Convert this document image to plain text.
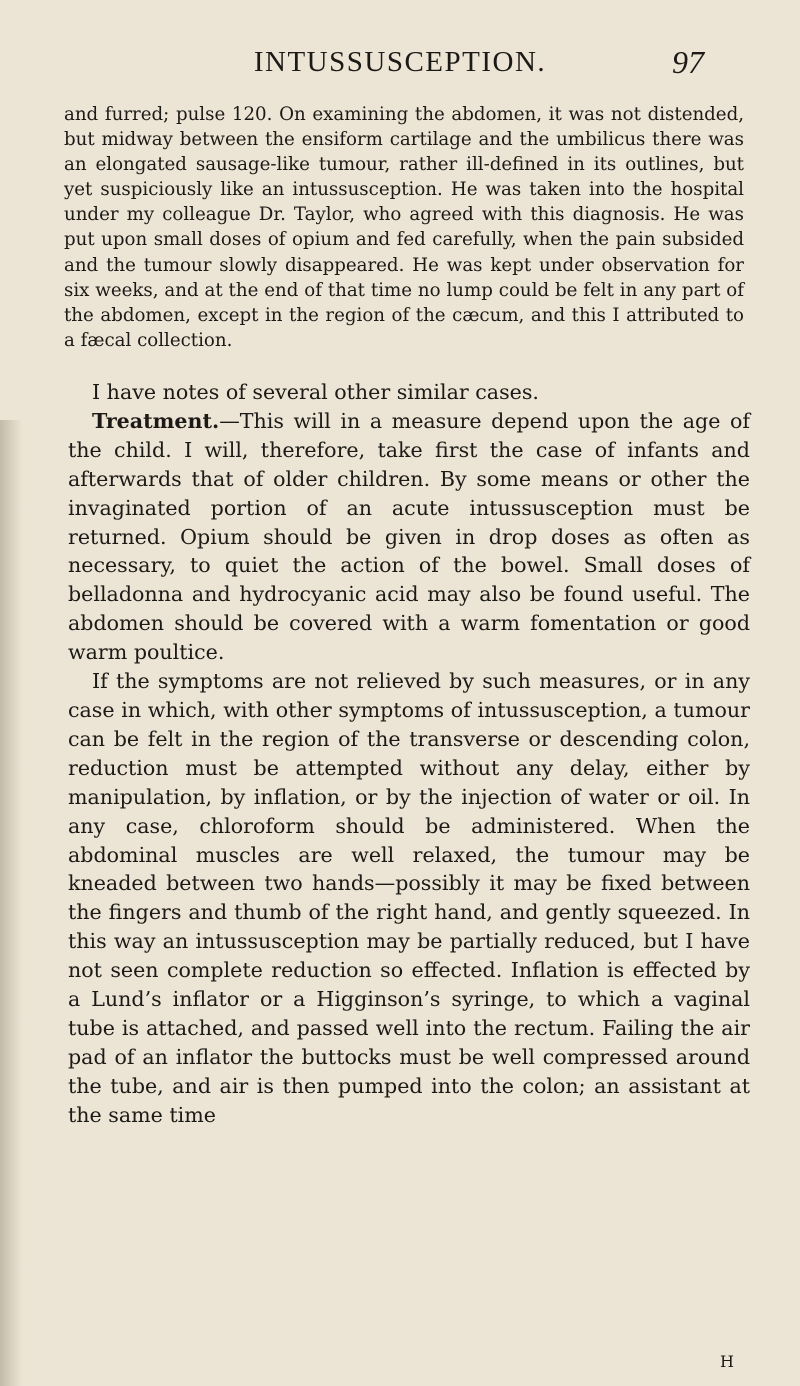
INTUSSUSCEPTION.	97

and furred; pulse 120. On examining the abdomen, it was not distended, but midway between the ensiform cartilage and the umbilicus there was an elongated sausage-like tumour, rather ill-defined in its outlines, but yet suspiciously like an intussusception. He was taken into the hospital under my colleague Dr. Taylor, who agreed with this diagnosis. He was put upon small doses of opium and fed carefully, when the pain subsided and the tumour slowly disappeared. He was kept under observation for six weeks, and at the end of that time no lump could be felt in any part of the abdomen, except in the region of the cæcum, and this I attributed to a fæcal collection.

I have notes of several other similar cases.

Treatment.—This will in a measure depend upon the age of the child. I will, therefore, take first the case of infants and afterwards that of older children. By some means or other the invaginated portion of an acute intussusception must be returned. Opium should be given in drop doses as often as necessary, to quiet the action of the bowel. Small doses of belladonna and hydrocyanic acid may also be found useful. The abdomen should be covered with a warm fomentation or good warm poultice.

If the symptoms are not relieved by such measures, or in any case in which, with other symptoms of intussusception, a tumour can be felt in the region of the transverse or descending colon, reduction must be attempted without any delay, either by manipulation, by inflation, or by the injection of water or oil. In any case, chloroform should be administered. When the abdominal muscles are well relaxed, the tumour may be kneaded between two hands—possibly it may be fixed between the fingers and thumb of the right hand, and gently squeezed. In this way an intussusception may be partially reduced, but I have not seen complete reduction so effected. Inflation is effected by a Lund’s inflator or a Higginson’s syringe, to which a vaginal tube is attached, and passed well into the rectum. Failing the air pad of an inflator the buttocks must be well compressed around the tube, and air is then pumped into the colon; an assistant at the same time

H
